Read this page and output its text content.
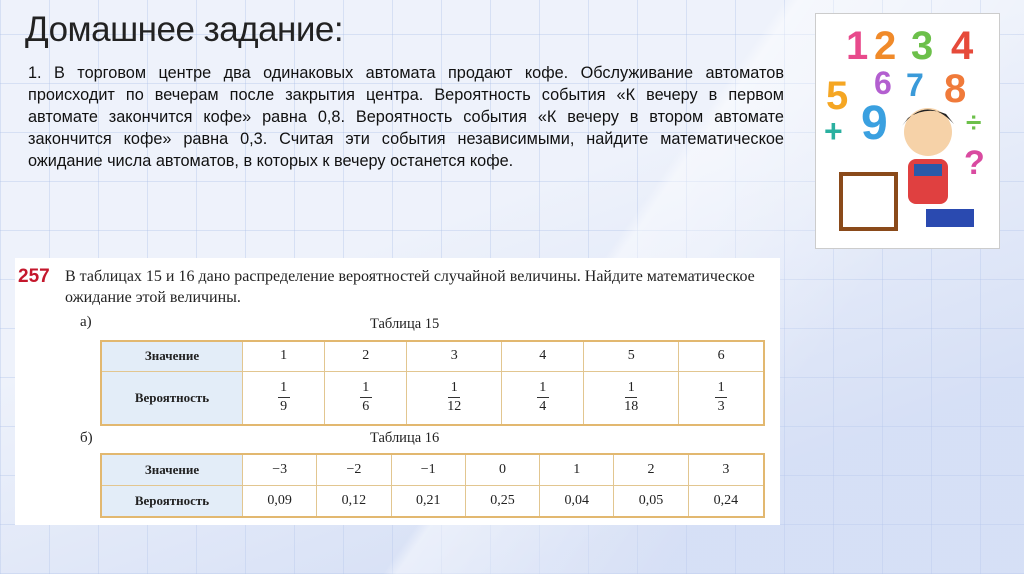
Домашнее задание:
1. В торговом центре два одинаковых автомата продают кофе. Обслуживание автоматов происходит по вечерам после закрытия центра. Вероятность события «К вечеру в первом автомате закончится кофе» равна 0,8. Вероятность события «К вечеру в втором автомате закончится кофе» равна 0,3. Считая эти события независимыми, найдите математическое ожидание числа автоматов, в которых к вечеру останется кофе.
1 2 3 4
5 6 7 8
9
+
?
÷
257 В таблицах 15 и 16 дано распределение вероятностей случайной величины. Найдите математическое ожидание этой величины.
а)	Таблица 15
Значение	1	2	3	4	5	6
Вероятность	$\frac{1}{9}$	$\frac{1}{6}$	$\frac{1}{12}$	$\frac{1}{4}$	$\frac{1}{18}$	$\frac{1}{3}$
б)	Таблица 16
Значение	−3	−2	−1	0	1	2	3
Вероятность	0,09	0,12	0,21	0,25	0,04	0,05	0,24
